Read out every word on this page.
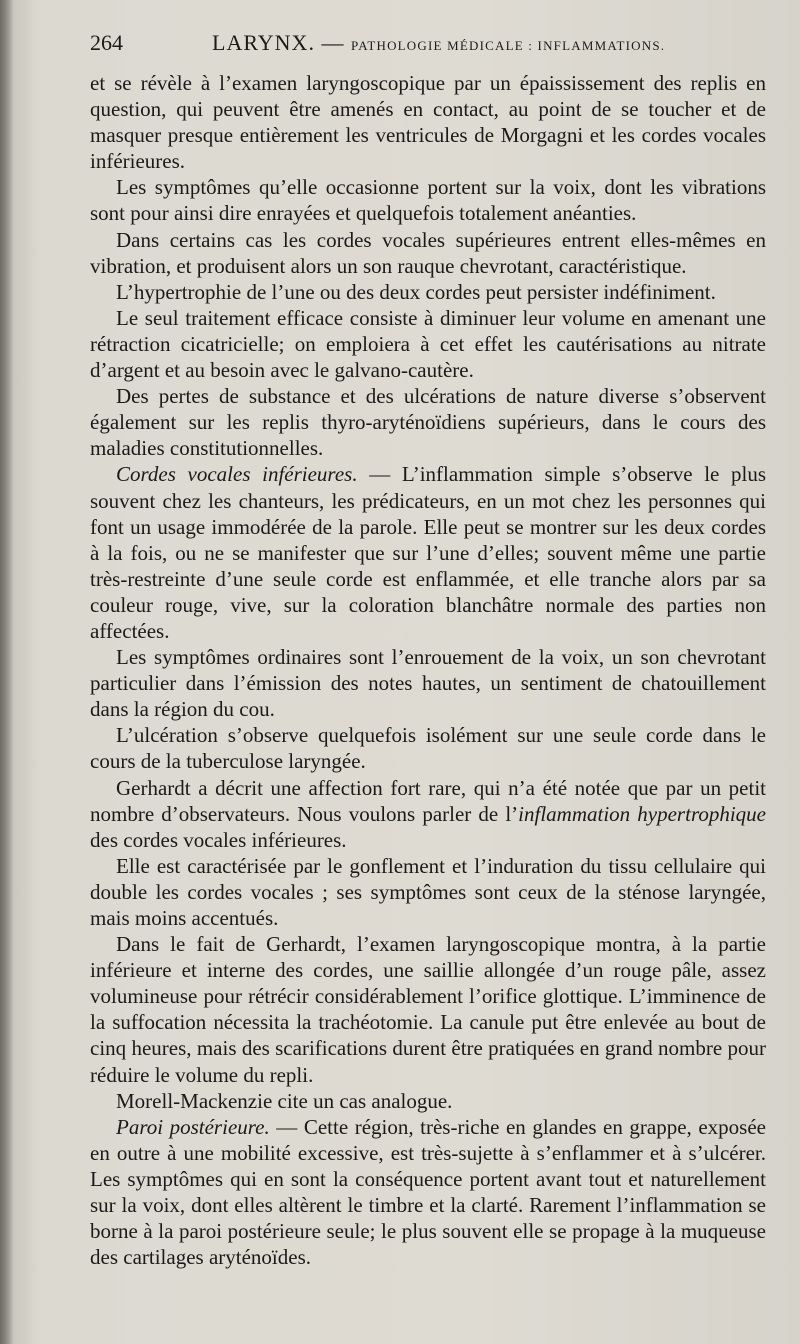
264	LARYNX. — PATHOLOGIE MÉDICALE : INFLAMMATIONS.

et se révèle à l’examen laryngoscopique par un épaississement des replis en question, qui peuvent être amenés en contact, au point de se toucher et de masquer presque entièrement les ventricules de Morgagni et les cordes vocales inférieures.

Les symptômes qu’elle occasionne portent sur la voix, dont les vibrations sont pour ainsi dire enrayées et quelquefois totalement anéanties.

Dans certains cas les cordes vocales supérieures entrent elles-mêmes en vibration, et produisent alors un son rauque chevrotant, caractéristique.

L’hypertrophie de l’une ou des deux cordes peut persister indéfiniment.

Le seul traitement efficace consiste à diminuer leur volume en amenant une rétraction cicatricielle; on emploiera à cet effet les cautérisations au nitrate d’argent et au besoin avec le galvano-cautère.

Des pertes de substance et des ulcérations de nature diverse s’observent également sur les replis thyro-aryténoïdiens supérieurs, dans le cours des maladies constitutionnelles.

Cordes vocales inférieures. — L’inflammation simple s’observe le plus souvent chez les chanteurs, les prédicateurs, en un mot chez les personnes qui font un usage immodérée de la parole. Elle peut se montrer sur les deux cordes à la fois, ou ne se manifester que sur l’une d’elles; souvent même une partie très-restreinte d’une seule corde est enflammée, et elle tranche alors par sa couleur rouge, vive, sur la coloration blanchâtre normale des parties non affectées.

Les symptômes ordinaires sont l’enrouement de la voix, un son chevrotant particulier dans l’émission des notes hautes, un sentiment de chatouillement dans la région du cou.

L’ulcération s’observe quelquefois isolément sur une seule corde dans le cours de la tuberculose laryngée.

Gerhardt a décrit une affection fort rare, qui n’a été notée que par un petit nombre d’observateurs. Nous voulons parler de l’inflammation hypertrophique des cordes vocales inférieures.

Elle est caractérisée par le gonflement et l’induration du tissu cellulaire qui double les cordes vocales ; ses symptômes sont ceux de la sténose laryngée, mais moins accentués.

Dans le fait de Gerhardt, l’examen laryngoscopique montra, à la partie inférieure et interne des cordes, une saillie allongée d’un rouge pâle, assez volumineuse pour rétrécir considérablement l’orifice glottique. L’imminence de la suffocation nécessita la trachéotomie. La canule put être enlevée au bout de cinq heures, mais des scarifications durent être pratiquées en grand nombre pour réduire le volume du repli.

Morell-Mackenzie cite un cas analogue.

Paroi postérieure. — Cette région, très-riche en glandes en grappe, exposée en outre à une mobilité excessive, est très-sujette à s’enflammer et à s’ulcérer. Les symptômes qui en sont la conséquence portent avant tout et naturellement sur la voix, dont elles altèrent le timbre et la clarté. Rarement l’inflammation se borne à la paroi postérieure seule; le plus souvent elle se propage à la muqueuse des cartilages aryténoïdes.
